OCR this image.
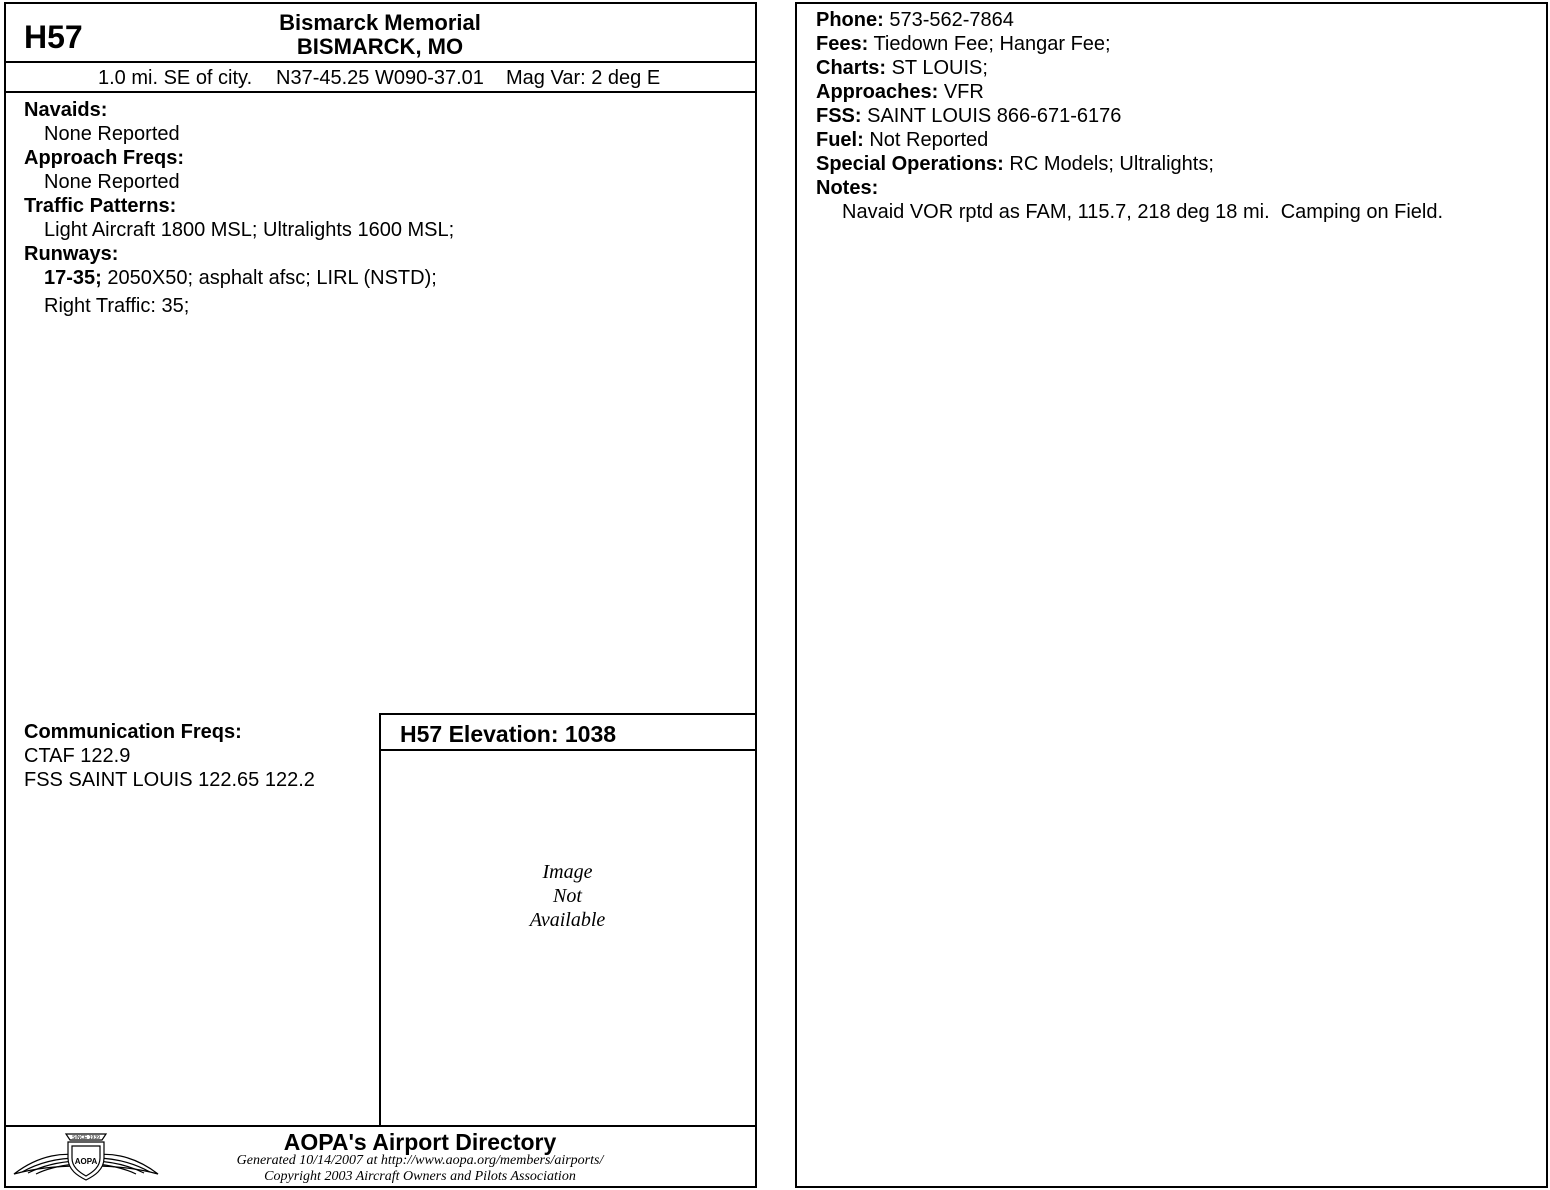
H57	Bismarck Memorial
BISMARCK, MO
1.0 mi. SE of city. N37-45.25 W090-37.01 Mag Var: 2 deg E
Navaids:
None Reported
Approach Freqs:
None Reported
Traffic Patterns:
Light Aircraft 1800 MSL; Ultralights 1600 MSL;
Runways:
17-35; 2050X50; asphalt afsc; LIRL (NSTD);
Right Traffic: 35;
Communication Freqs:
CTAF 122.9
FSS SAINT LOUIS 122.65 122.2
H57 Elevation: 1038
Image
Not
Available
SINCE 1939
AOPA
AOPA's Airport Directory
Generated 10/14/2007 at http://www.aopa.org/members/airports/
Copyright 2003 Aircraft Owners and Pilots Association
Phone: 573-562-7864
Fees: Tiedown Fee; Hangar Fee;
Charts: ST LOUIS;
Approaches: VFR
FSS: SAINT LOUIS 866-671-6176
Fuel: Not Reported
Special Operations: RC Models; Ultralights;
Notes:
Navaid VOR rptd as FAM, 115.7, 218 deg 18 mi.  Camping on Field.
